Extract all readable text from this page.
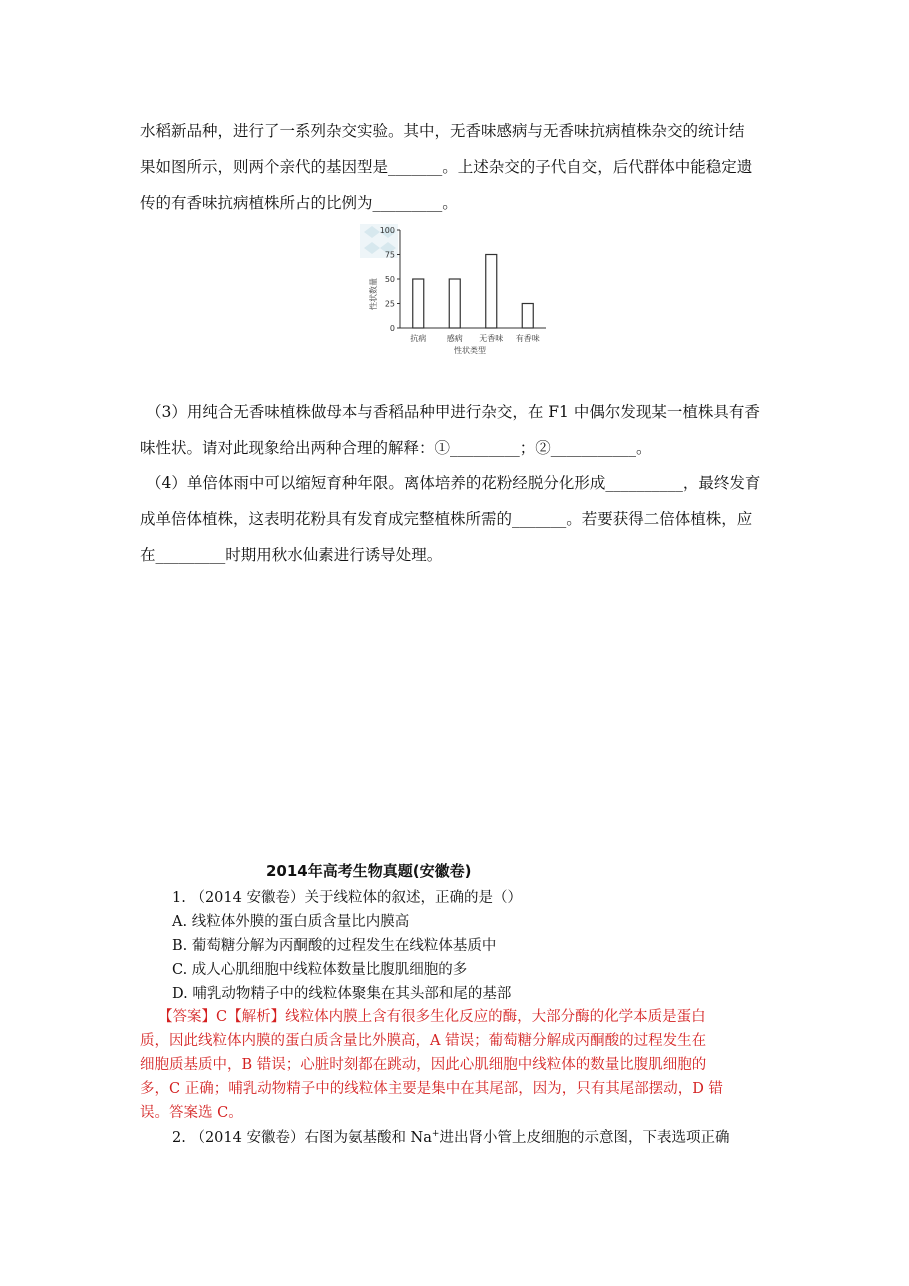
水稻新品种，进行了一系列杂交实验。其中，无香味感病与无香味抗病植株杂交的统计结
果如图所示，则两个亲代的基因型是_______。上述杂交的子代自交，后代群体中能稳定遗
传的有香味抗病植株所占的比例为_________。
性状数量
0
25
50
75
100
抗病	感病 无香味 有香味
性状类型
（3）用纯合无香味植株做母本与香稻品种甲进行杂交，在 F1 中偶尔发现某一植株具有香
味性状。请对此现象给出两种合理的解释：①_________；②___________。
（4）单倍体雨中可以缩短育种年限。离体培养的花粉经脱分化形成__________，最终发育
成单倍体植株，这表明花粉具有发育成完整植株所需的_______。若要获得二倍体植株，应
在_________时期用秋水仙素进行诱导处理。
2014年高考生物真题(安徽卷)
1. （2014 安徽卷）关于线粒体的叙述，正确的是（）
A. 线粒体外膜的蛋白质含量比内膜高
B. 葡萄糖分解为丙酮酸的过程发生在线粒体基质中
C. 成人心肌细胞中线粒体数量比腹肌细胞的多
D. 哺乳动物精子中的线粒体聚集在其头部和尾的基部
【答案】C【解析】线粒体内膜上含有很多生化反应的酶，大部分酶的化学本质是蛋白
质，因此线粒体内膜的蛋白质含量比外膜高，A 错误；葡萄糖分解成丙酮酸的过程发生在
细胞质基质中，B 错误；心脏时刻都在跳动，因此心肌细胞中线粒体的数量比腹肌细胞的
多，C 正确；哺乳动物精子中的线粒体主要是集中在其尾部，因为，只有其尾部摆动，D 错
误。答案选 C。
2. （2014 安徽卷）右图为氨基酸和 Na+进出肾小管上皮细胞的示意图，下表选项正确
